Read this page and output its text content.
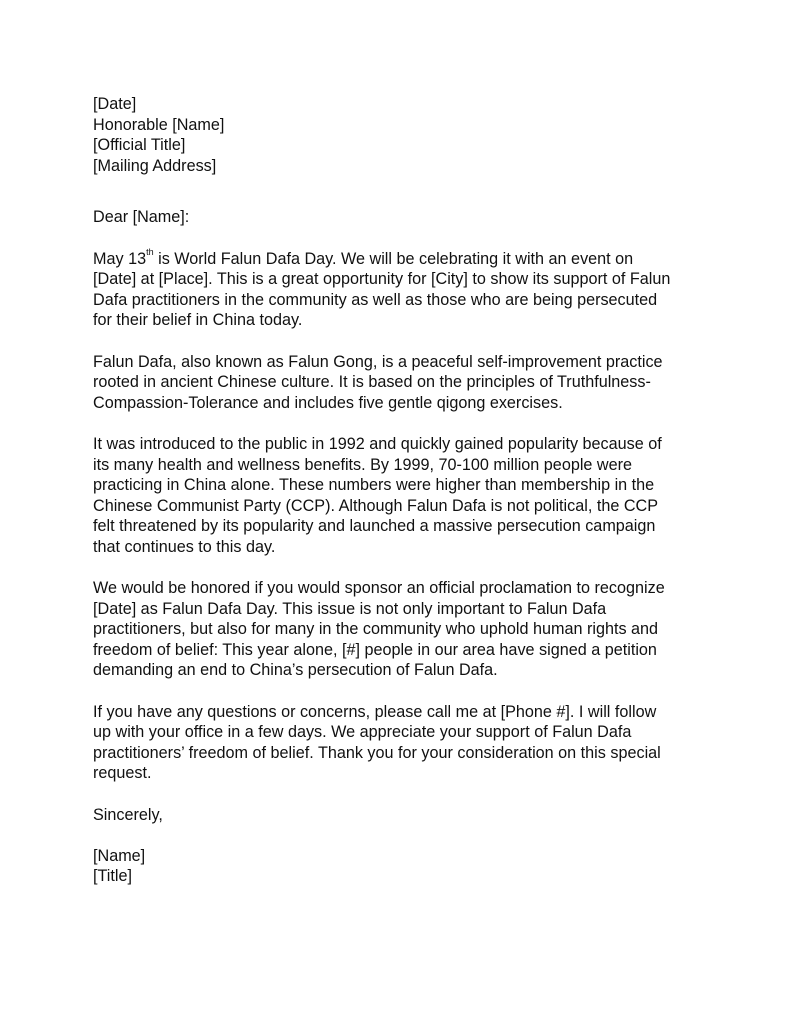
[Date]
Honorable [Name]
[Official Title]
[Mailing Address]
Dear [Name]:
May 13th is World Falun Dafa Day. We will be celebrating it with an event on
[Date] at [Place]. This is a great opportunity for [City] to show its support of Falun
Dafa practitioners in the community as well as those who are being persecuted
for their belief in China today.
Falun Dafa, also known as Falun Gong, is a peaceful self-improvement practice
rooted in ancient Chinese culture. It is based on the principles of Truthfulness-
Compassion-Tolerance and includes five gentle qigong exercises.
It was introduced to the public in 1992 and quickly gained popularity because of
its many health and wellness benefits. By 1999, 70-100 million people were
practicing in China alone. These numbers were higher than membership in the
Chinese Communist Party (CCP). Although Falun Dafa is not political, the CCP
felt threatened by its popularity and launched a massive persecution campaign
that continues to this day.
We would be honored if you would sponsor an official proclamation to recognize
[Date] as Falun Dafa Day. This issue is not only important to Falun Dafa
practitioners, but also for many in the community who uphold human rights and
freedom of belief: This year alone, [#] people in our area have signed a petition
demanding an end to China’s persecution of Falun Dafa.
If you have any questions or concerns, please call me at [Phone #]. I will follow
up with your office in a few days. We appreciate your support of Falun Dafa
practitioners’ freedom of belief. Thank you for your consideration on this special
request.
Sincerely,
[Name]
[Title]
